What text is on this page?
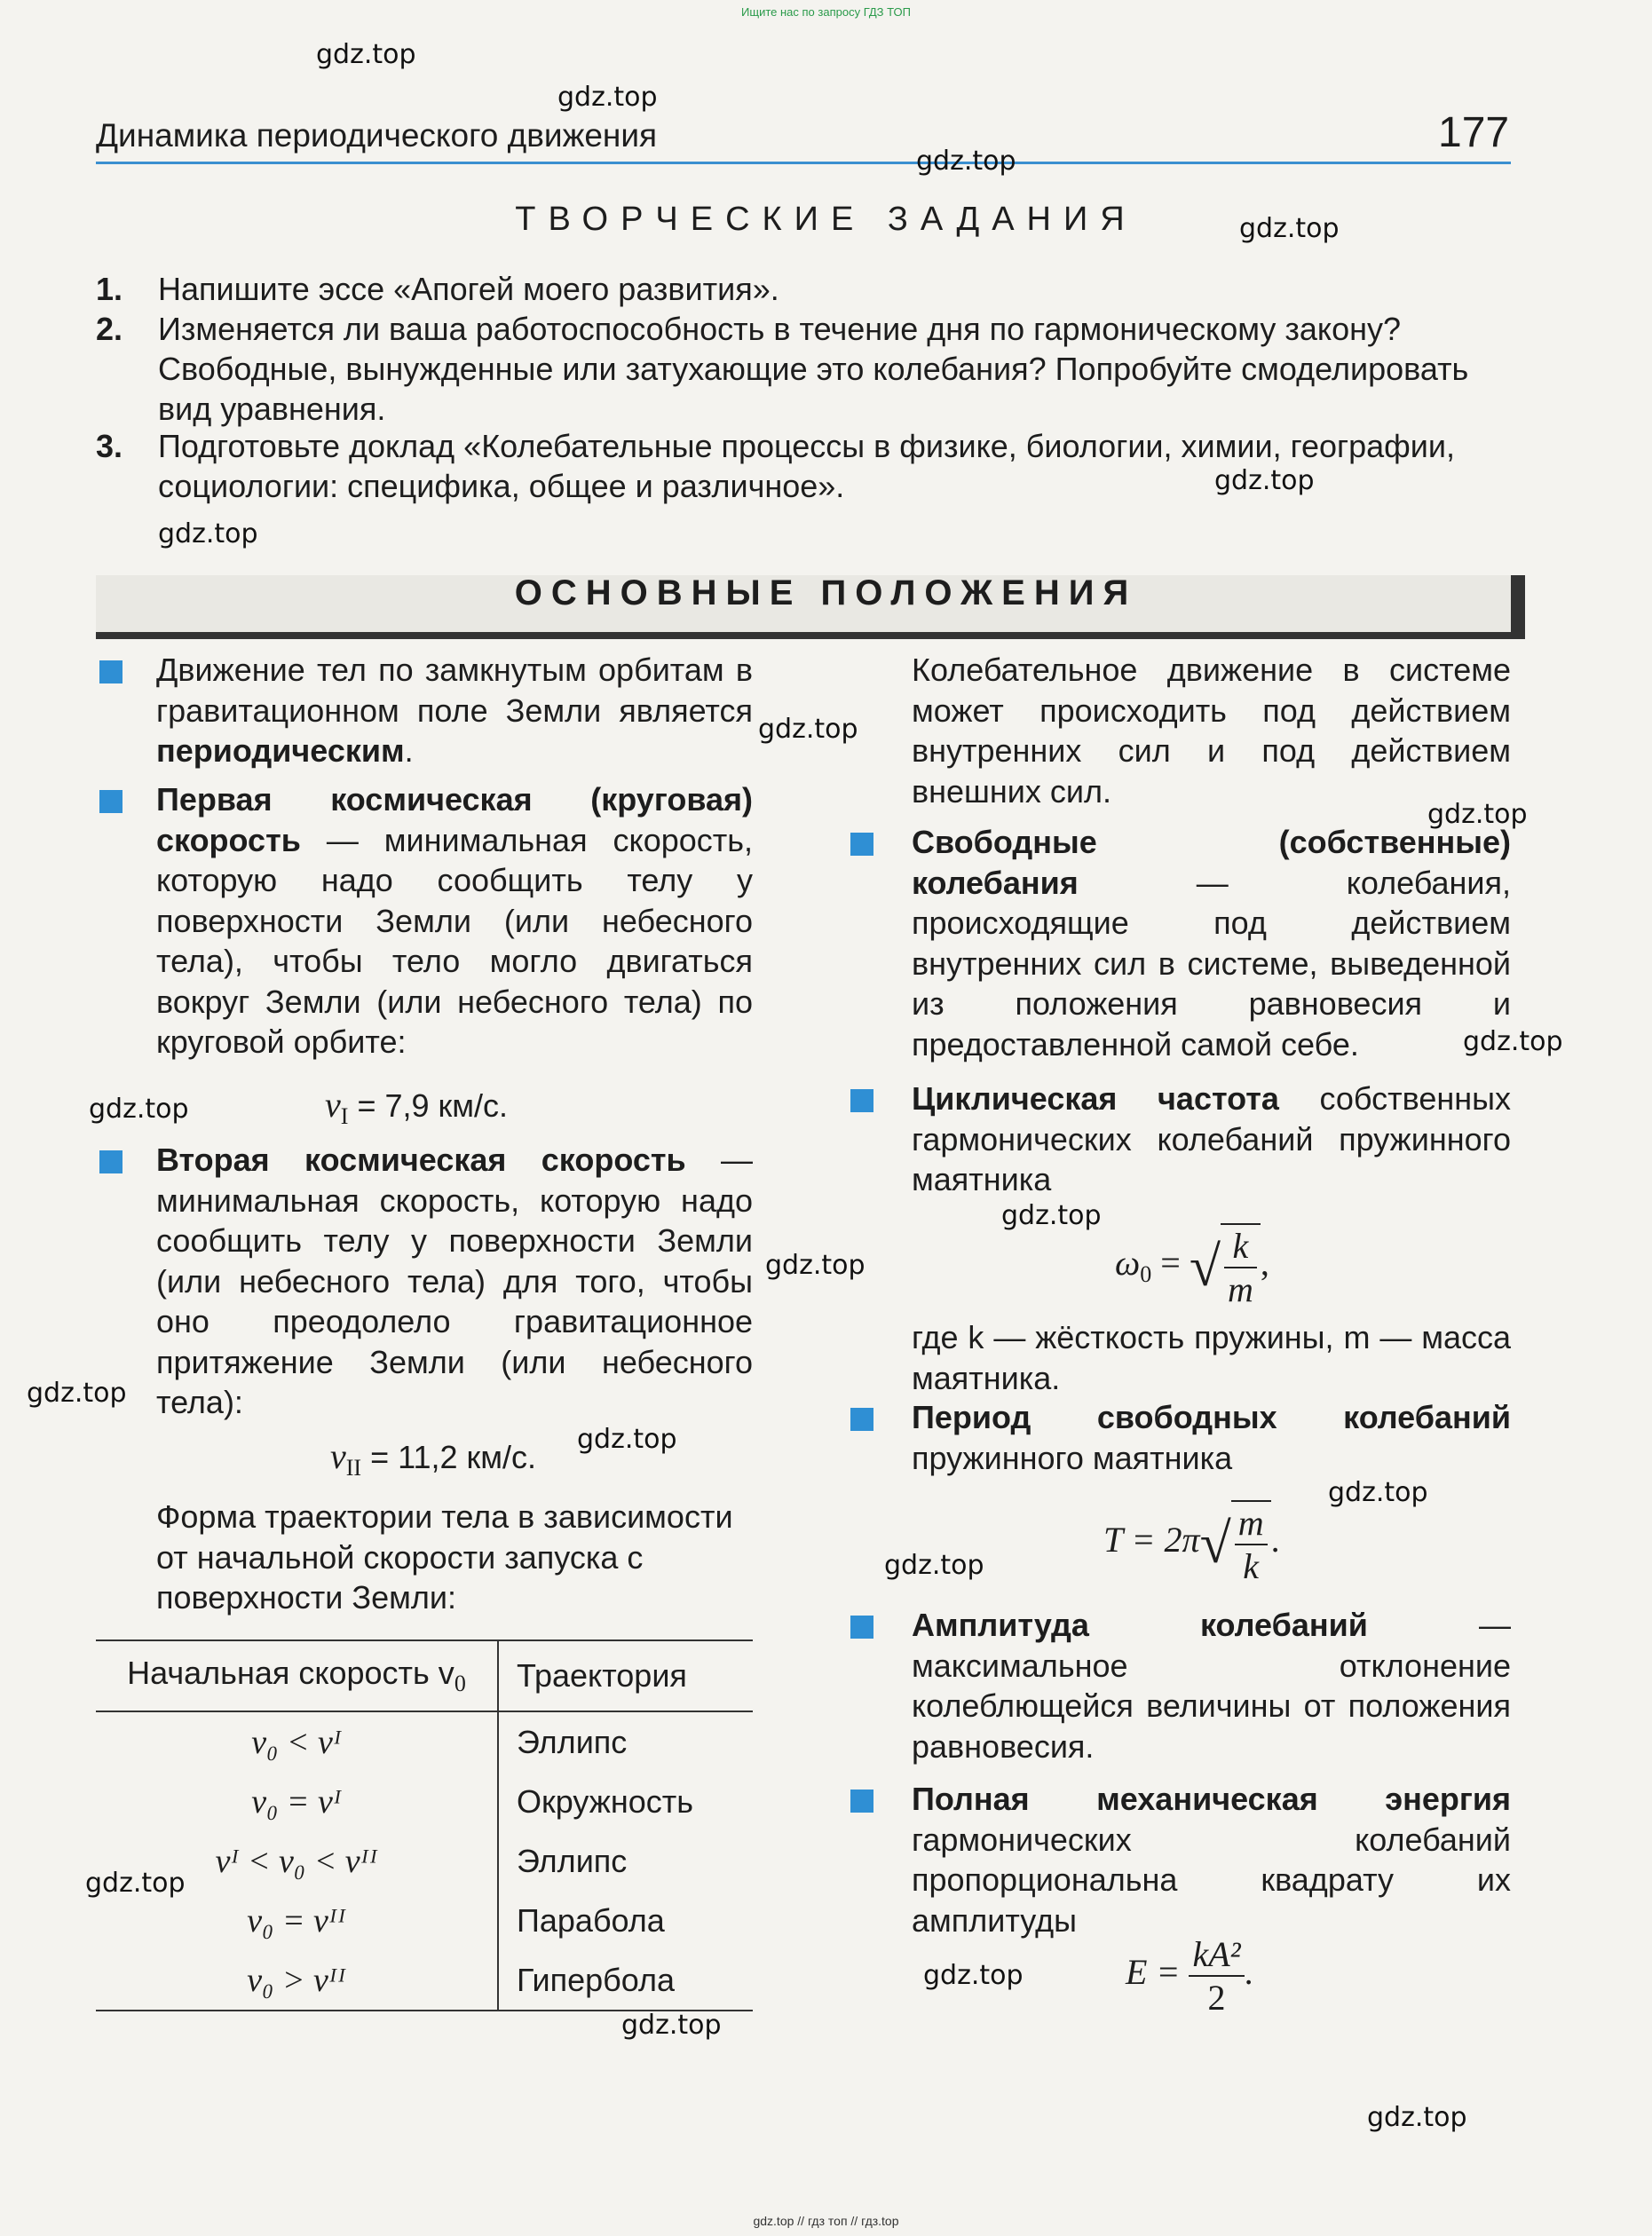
Ищите нас по запросу ГДЗ ТОП
gdz.top // гдз топ // гдз.top
Динамика периодического движения	177
ТВОРЧЕСКИЕ ЗАДАНИЯ
1. Напишите эссе «Апогей моего развития».
2. Изменяется ли ваша работоспособность в течение дня по гармоническому закону? Свободные, вынужденные или затухающие это колебания? Попробуйте смоделировать вид уравнения.
3. Подготовьте доклад «Колебательные процессы в физике, биологии, химии, географии, социологии: специфика, общее и различное».
ОСНОВНЫЕ ПОЛОЖЕНИЯ
Движение тел по замкнутым орбитам в гравитационном поле Земли является периодическим.
Первая космическая (круговая) скорость — минимальная скорость, которую надо сообщить телу у поверхности Земли (или небесного тела), чтобы тело могло двигаться вокруг Земли (или небесного тела) по круговой орбите:
$v_I = 7,9$ км/с.
Вторая космическая скорость — минимальная скорость, которую надо сообщить телу у поверхности Земли (или небесного тела) для того, чтобы оно преодолело гравитационное притяжение Земли (или небесного тела):
$v_{II} = 11,2$ км/с.
Форма траектории тела в зависимости от начальной скорости запуска с поверхности Земли:
Начальная скорость $v_0$	Траектория
v₀ < vᴵ	Эллипс
v₀ = vᴵ	Окружность
vᴵ < v₀ < vᴵᴵ	Эллипс
v₀ = vᴵᴵ	Парабола
v₀ > vᴵᴵ	Гипербола
Колебательное движение в системе может происходить под действием внутренних сил и под действием внешних сил.
Свободные (собственные) колебания — колебания, происходящие под действием внутренних сил в системе, выведенной из положения равновесия и предоставленной самой себе.
Циклическая частота собственных гармонических колебаний пружинного маятника
$\omega_0$ = √ $\frac{k}{m}$ ,
где k — жёсткость пружины, m — масса маятника.
Период свободных колебаний пружинного маятника
$T = 2\pi√ \frac{m}{k}$ .
Амплитуда колебаний — максимальное отклонение колеблющейся величины от положения равновесия.
Полная механическая энергия гармонических колебаний пропорциональна квадрату их амплитуды
$E = \frac{\text{kA²}}{2}$ .
gdz.top
gdz.top
gdz.top
gdz.top
gdz.top
gdz.top
gdz.top
gdz.top
gdz.top
gdz.top
gdz.top
gdz.top
gdz.top
gdz.top
gdz.top
gdz.top
gdz.top
gdz.top
gdz.top
gdz.top
